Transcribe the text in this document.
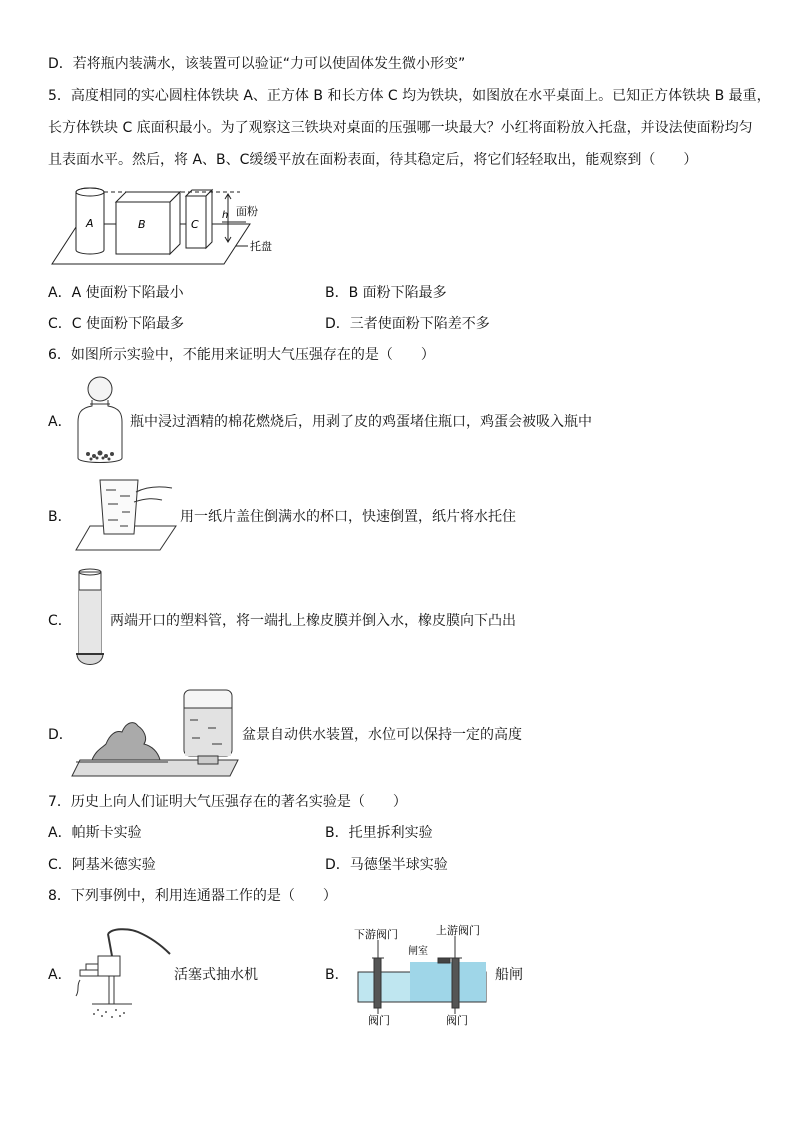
D．若将瓶内装满水，该装置可以验证“力可以使固体发生微小形变”
5．高度相同的实心圆柱体铁块 A、正方体 B 和长方体 C 均为铁块，如图放在水平桌面上。已知正方体铁块 B 最重，
长方体铁块 C 底面积最小。为了观察这三铁块对桌面的压强哪一块最大？小红将面粉放入托盘，并设法使面粉均匀
且表面水平。然后，将 A、B、C缓缓平放在面粉表面，待其稳定后，将它们轻轻取出，能观察到（　　）
A	B	C
h 面粉
托盘
A．A 使面粉下陷最小	B．B 面粉下陷最多
C．C 使面粉下陷最多	D．三者使面粉下陷差不多
6．如图所示实验中，不能用来证明大气压强存在的是（　　）
A．	瓶中浸过酒精的棉花燃烧后，用剥了皮的鸡蛋堵住瓶口，鸡蛋会被吸入瓶中
B．	用一纸片盖住倒满水的杯口，快速倒置，纸片将水托住
C．	两端开口的塑料管，将一端扎上橡皮膜并倒入水，橡皮膜向下凸出
D．	盆景自动供水装置，水位可以保持一定的高度
7．历史上向人们证明大气压强存在的著名实验是（　　）
A．帕斯卡实验	B．托里拆利实验
C．阿基米德实验	D．马德堡半球实验
8．下列事例中，利用连通器工作的是（　　）
A．	活塞式抽水机	B．
下游阀门	上游阀门
闸室
阀门	阀门
船闸
